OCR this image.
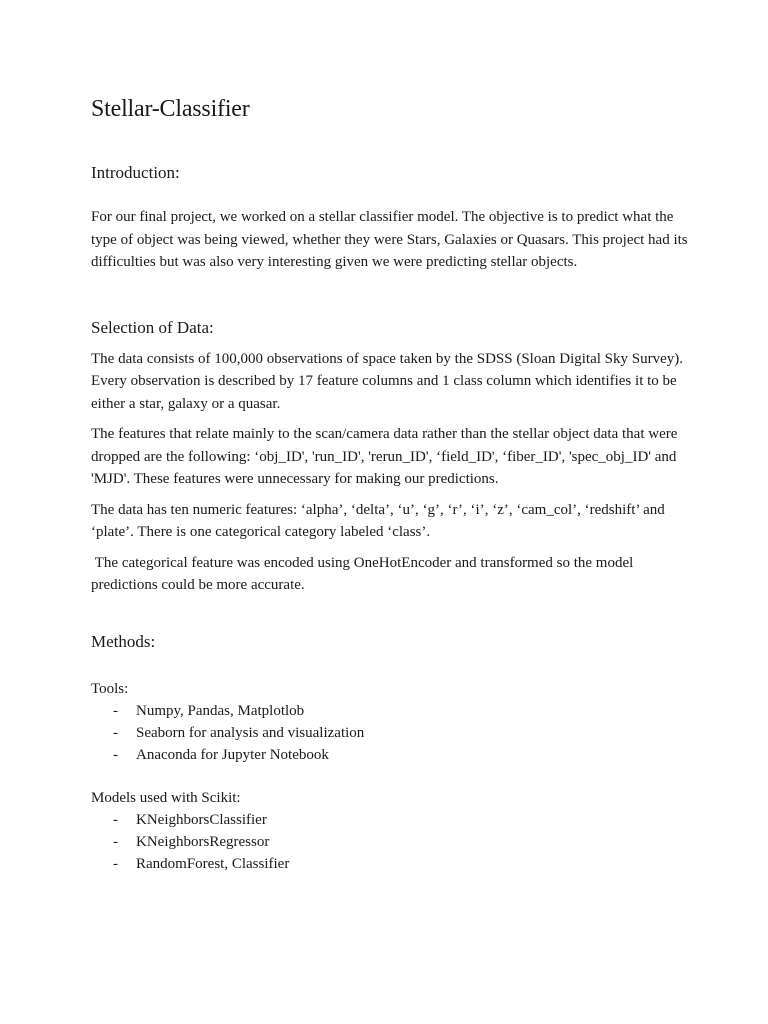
Stellar-Classifier
Introduction:

For our final project, we worked on a stellar classifier model. The objective is to predict what the type of object was being viewed, whether they were Stars, Galaxies or Quasars. This project had its difficulties but was also very interesting given we were predicting stellar objects.

Selection of Data:

The data consists of 100,000 observations of space taken by the SDSS (Sloan Digital Sky Survey). Every observation is described by 17 feature columns and 1 class column which identifies it to be either a star, galaxy or a quasar.

The features that relate mainly to the scan/camera data rather than the stellar object data that were dropped are the following: ‘obj_ID', 'run_ID', 'rerun_ID', ‘field_ID', ‘fiber_ID', 'spec_obj_ID' and 'MJD'. These features were unnecessary for making our predictions.

The data has ten numeric features: ‘alpha’, ‘delta’, ‘u’, ‘g’, ‘r’, ‘i’, ‘z’, ‘cam_col’, ‘redshift’ and ‘plate’. There is one categorical category labeled ‘class’.

The categorical feature was encoded using OneHotEncoder and transformed so the model predictions could be more accurate.

Methods:

Tools:

- Numpy, Pandas, Matplotlob
- Seaborn for analysis and visualization
- Anaconda for Jupyter Notebook

Models used with Scikit:

- KNeighborsClassifier
- KNeighborsRegressor
- RandomForest, Classifier
